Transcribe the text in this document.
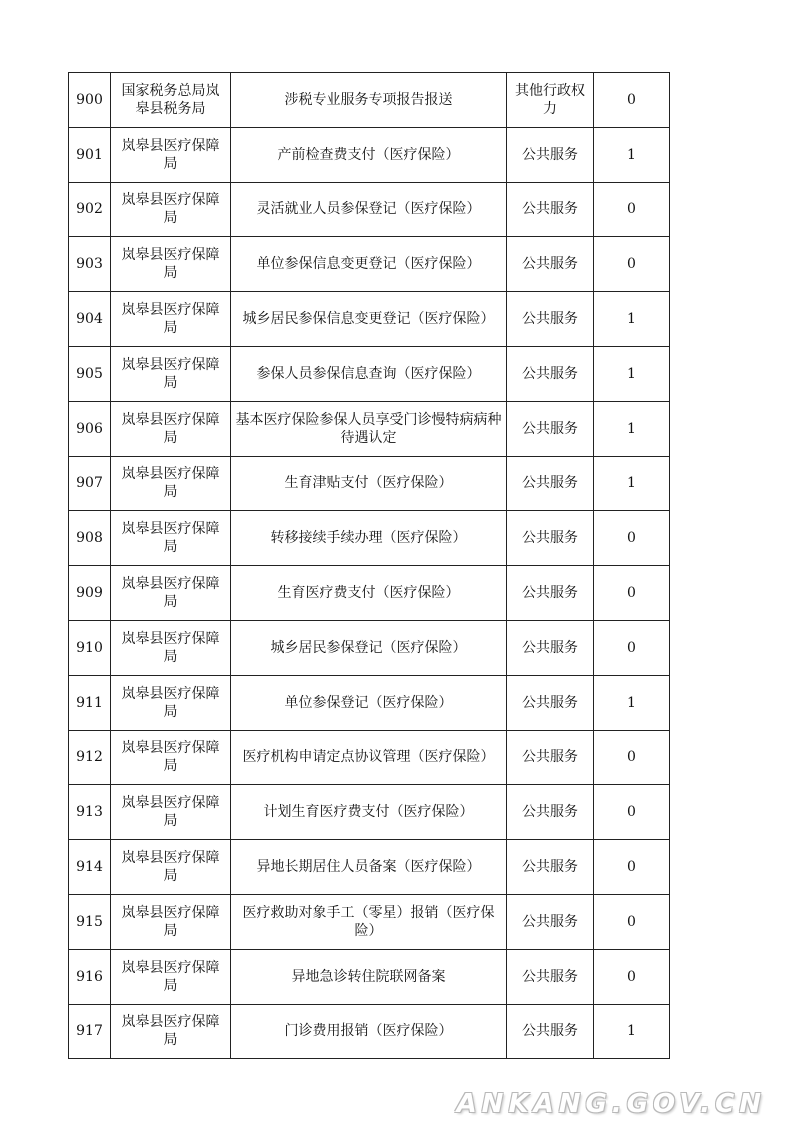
900	国家税务总局岚皋县税务局	涉税专业服务专项报告报送	其他行政权力	0
901	岚皋县医疗保障局	产前检查费支付（医疗保险）	公共服务	1
902	岚皋县医疗保障局	灵活就业人员参保登记（医疗保险）	公共服务	0
903	岚皋县医疗保障局	单位参保信息变更登记（医疗保险）	公共服务	0
904	岚皋县医疗保障局	城乡居民参保信息变更登记（医疗保险）	公共服务	1
905	岚皋县医疗保障局	参保人员参保信息查询（医疗保险）	公共服务	1
906	岚皋县医疗保障局	基本医疗保险参保人员享受门诊慢特病病种待遇认定	公共服务	1
907	岚皋县医疗保障局	生育津贴支付（医疗保险）	公共服务	1
908	岚皋县医疗保障局	转移接续手续办理（医疗保险）	公共服务	0
909	岚皋县医疗保障局	生育医疗费支付（医疗保险）	公共服务	0
910	岚皋县医疗保障局	城乡居民参保登记（医疗保险）	公共服务	0
911	岚皋县医疗保障局	单位参保登记（医疗保险）	公共服务	1
912	岚皋县医疗保障局	医疗机构申请定点协议管理（医疗保险）	公共服务	0
913	岚皋县医疗保障局	计划生育医疗费支付（医疗保险）	公共服务	0
914	岚皋县医疗保障局	异地长期居住人员备案（医疗保险）	公共服务	0
915	岚皋县医疗保障局	医疗救助对象手工（零星）报销（医疗保险）	公共服务	0
916	岚皋县医疗保障局	异地急诊转住院联网备案	公共服务	0
917	岚皋县医疗保障局	门诊费用报销（医疗保险）	公共服务	1
ANKANG.GOV.CN
